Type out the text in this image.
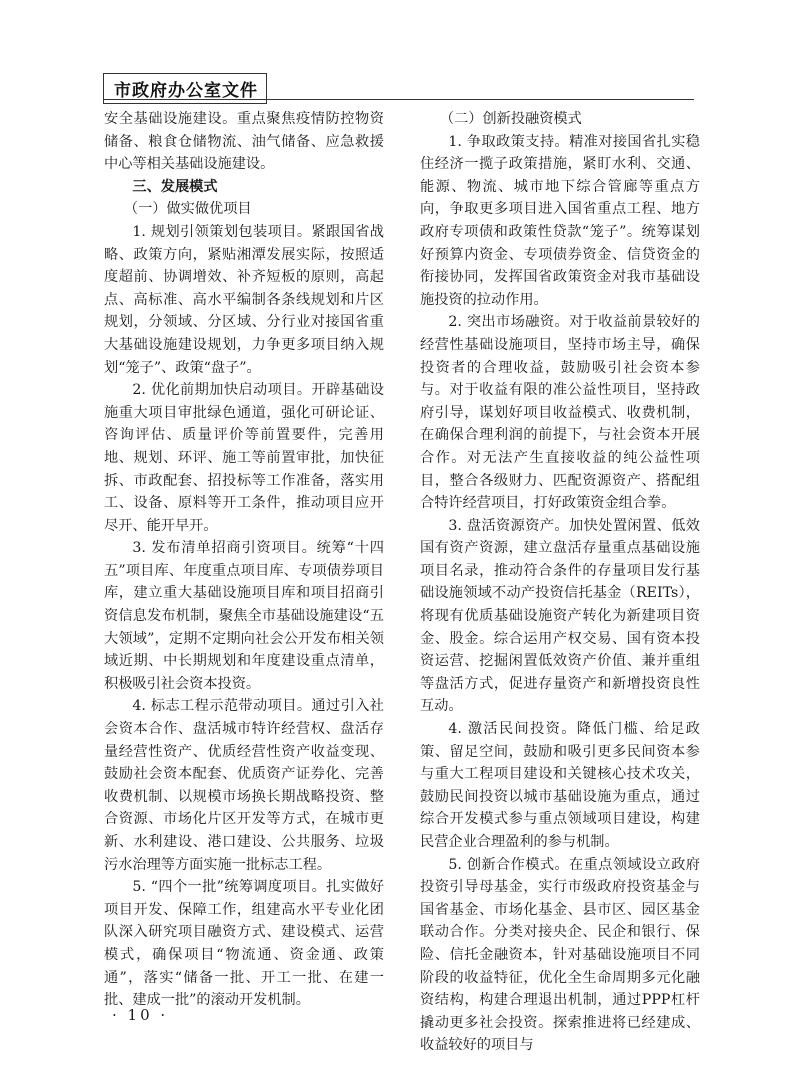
市政府办公室文件

安全基础设施建设。重点聚焦疫情防控物资储备、粮食仓储物流、油气储备、应急救援中心等相关基础设施建设。

三、发展模式

（一）做实做优项目

1. 规划引领策划包装项目。紧跟国省战略、政策方向，紧贴湘潭发展实际，按照适度超前、协调增效、补齐短板的原则，高起点、高标准、高水平编制各条线规划和片区规划，分领域、分区域、分行业对接国省重大基础设施建设规划，力争更多项目纳入规划“笼子”、政策“盘子”。

2. 优化前期加快启动项目。开辟基础设施重大项目审批绿色通道，强化可研论证、咨询评估、质量评价等前置要件，完善用地、规划、环评、施工等前置审批，加快征拆、市政配套、招投标等工作准备，落实用工、设备、原料等开工条件，推动项目应开尽开、能开早开。

3. 发布清单招商引资项目。统筹“十四五”项目库、年度重点项目库、专项债券项目库，建立重大基础设施项目库和项目招商引资信息发布机制，聚焦全市基础设施建设“五大领域”，定期不定期向社会公开发布相关领域近期、中长期规划和年度建设重点清单，积极吸引社会资本投资。

4. 标志工程示范带动项目。通过引入社会资本合作、盘活城市特许经营权、盘活存量经营性资产、优质经营性资产收益变现、鼓励社会资本配套、优质资产证券化、完善收费机制、以规模市场换长期战略投资、整合资源、市场化片区开发等方式，在城市更新、水利建设、港口建设、公共服务、垃圾污水治理等方面实施一批标志工程。

5. “四个一批”统筹调度项目。扎实做好项目开发、保障工作，组建高水平专业化团队深入研究项目融资方式、建设模式、运营模式，确保项目“物流通、资金通、政策通”，落实“储备一批、开工一批、在建一批、建成一批”的滚动开发机制。

（二）创新投融资模式

1. 争取政策支持。精准对接国省扎实稳住经济一揽子政策措施，紧盯水利、交通、能源、物流、城市地下综合管廊等重点方向，争取更多项目进入国省重点工程、地方政府专项债和政策性贷款“笼子”。统筹谋划好预算内资金、专项债券资金、信贷资金的衔接协同，发挥国省政策资金对我市基础设施投资的拉动作用。

2. 突出市场融资。对于收益前景较好的经营性基础设施项目，坚持市场主导，确保投资者的合理收益，鼓励吸引社会资本参与。对于收益有限的准公益性项目，坚持政府引导，谋划好项目收益模式、收费机制，在确保合理利润的前提下，与社会资本开展合作。对无法产生直接收益的纯公益性项目，整合各级财力、匹配资源资产、搭配组合特许经营项目，打好政策资金组合拳。

3. 盘活资源资产。加快处置闲置、低效国有资产资源，建立盘活存量重点基础设施项目名录，推动符合条件的存量项目发行基础设施领域不动产投资信托基金（REITs），将现有优质基础设施资产转化为新建项目资金、股金。综合运用产权交易、国有资本投资运营、挖掘闲置低效资产价值、兼并重组等盘活方式，促进存量资产和新增投资良性互动。

4. 激活民间投资。降低门槛、给足政策、留足空间，鼓励和吸引更多民间资本参与重大工程项目建设和关键核心技术攻关，鼓励民间投资以城市基础设施为重点，通过综合开发模式参与重点领域项目建设，构建民营企业合理盈利的参与机制。

5. 创新合作模式。在重点领域设立政府投资引导母基金，实行市级政府投资基金与国省基金、市场化基金、县市区、园区基金联动合作。分类对接央企、民企和银行、保险、信托金融资本，针对基础设施项目不同阶段的收益特征，优化全生命周期多元化融资结构，构建合理退出机制，通过PPP杠杆撬动更多社会投资。探索推进将已经建成、收益较好的项目与

· 10 ·
